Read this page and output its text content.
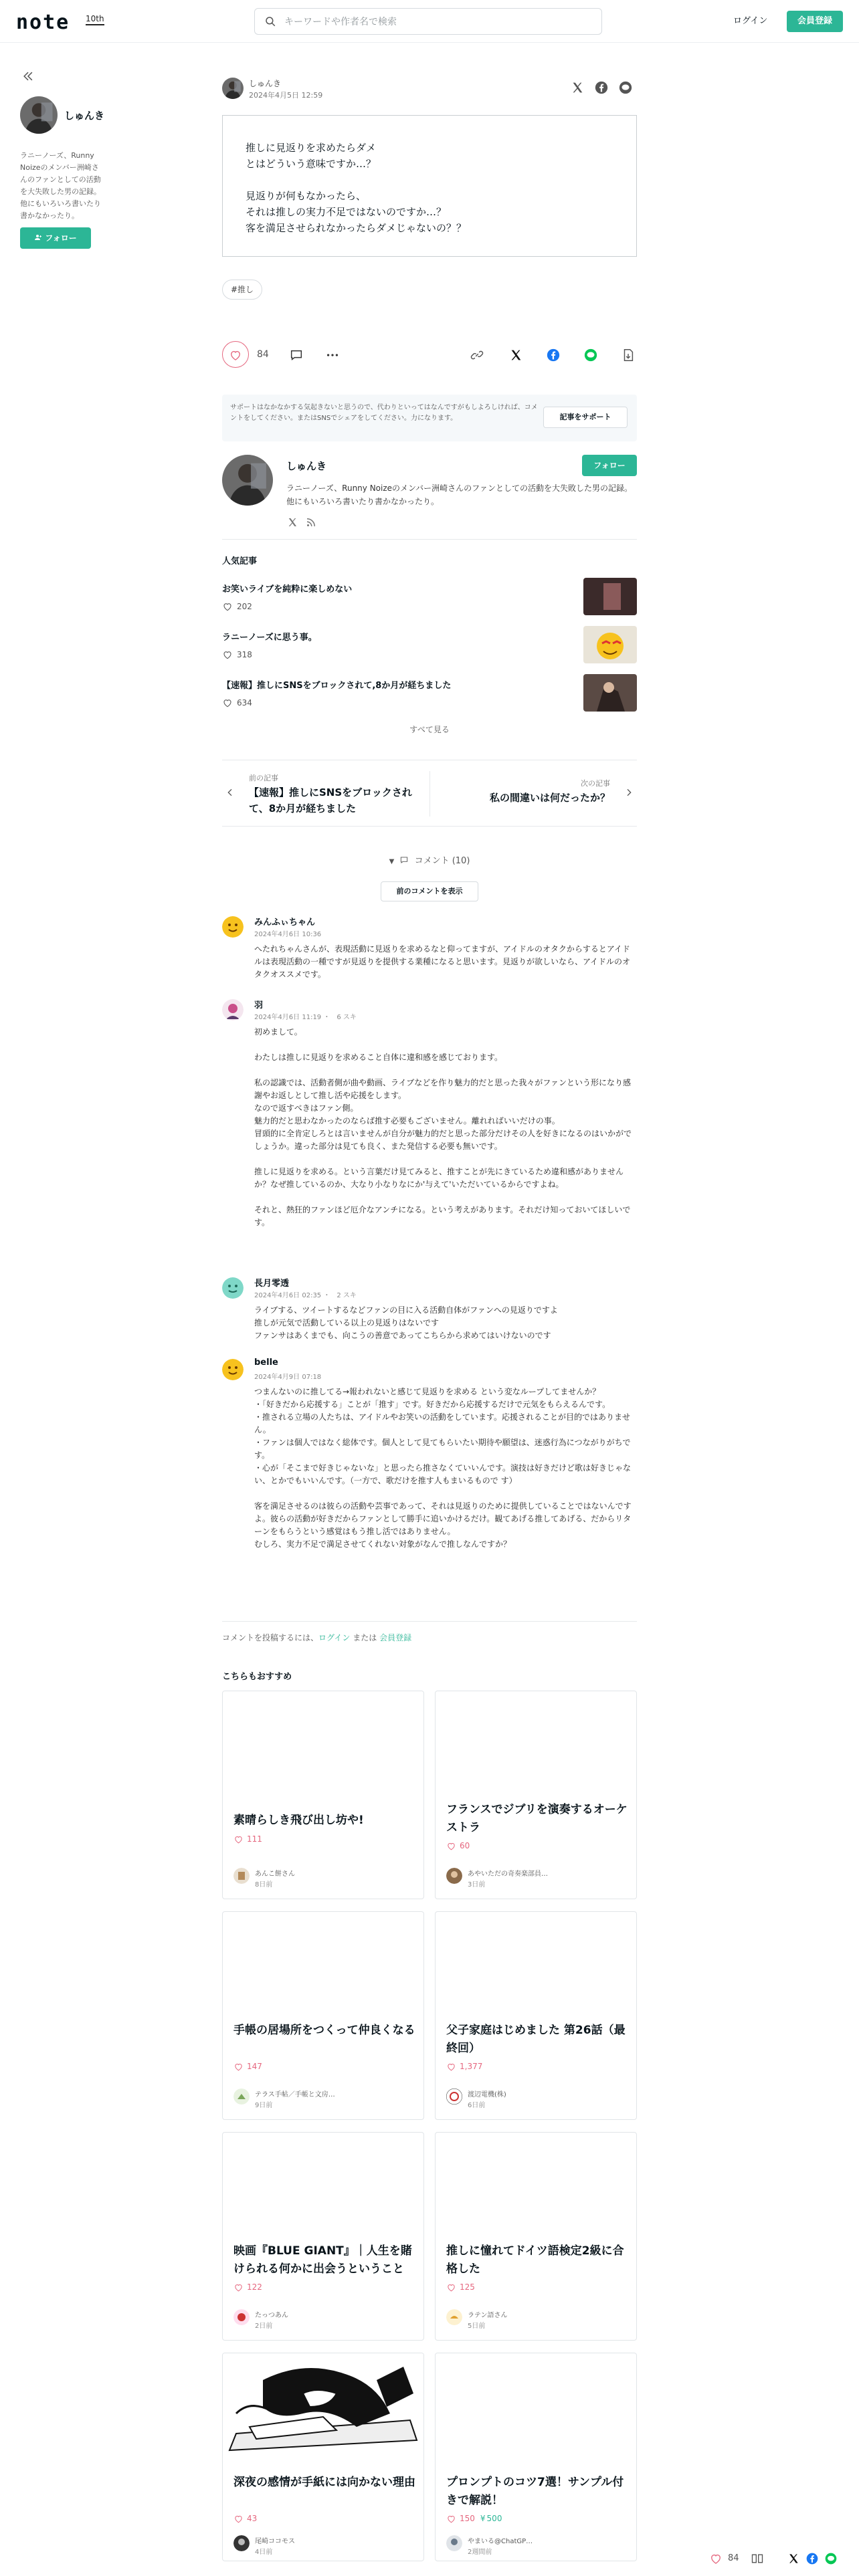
note 10th
キーワードや作者名で検索	ログイン	会員登録
しゅんき
ラニーノーズ、Runny Noizeのメンバー洲崎さんのファンとしての活動を大失敗した男の記録。 他にもいろいろ書いたり書かなかったり。
フォロー
しゅんき
2024年4月5日 12:59

推しに見返りを求めたらダメ
とはどういう意味ですか…？

見返りが何もなかったら、
それは推しの実力不足ではないのですか…？
客を満足させられなかったらダメじゃないの？？

#推し
84
サポートはなかなかする気起きないと思うので、代わりといってはなんですがもしよろしければ、コメントをしてください。またはSNSでシェアをしてください。力になります。	記事をサポート
しゅんき	フォロー
ラニーノーズ、Runny Noizeのメンバー洲崎さんのファンとしての活動を大失敗した男の記録。 他にもいろいろ書いたり書かなかったり。
人気記事
お笑いライブを純粋に楽しめない
202
ラニーノーズに思う事。
318
【速報】推しにSNSをブロックされて,8か月が経ちました
634
すべて見る
前の記事
【速報】推しにSNSをブロックされて、8か月が経ちました
次の記事
私の間違いは何だったか？
▼ コメント (10)
前のコメントを表示
みんふぃちゃん
2024年4月6日 10:36
へたれちゃんさんが、表現活動に見返りを求めるなと仰ってますが、アイドルのオタクからするとアイドルは表現活動の一種ですが見返りを提供する業種になると思います。見返りが欲しいなら、アイドルのオタクオススメです。
羽
2024年4月6日 11:19 ・　6 スキ
初めまして。

わたしは推しに見返りを求めること自体に違和感を感じております。

私の認識では、活動者側が曲や動画、ライブなどを作り魅力的だと思った我々がファンという形になり感謝やお返しとして推し活や応援をします。
なので返すべきはファン側。
魅力的だと思わなかったのならば推す必要もございません。離れればいいだけの事。
冒頭的に全肯定しろとは言いませんが自分が魅力的だと思った部分だけその人を好きになるのはいかがでしょうか。違った部分は見ても良く、また発信する必要も無いです。

推しに見返りを求める。という言葉だけ見てみると、推すことが先にきているため違和感がありませんか？なぜ推しているのか、大なり小なりなにか'与えて'いただいているからですよね。

それと、熱狂的ファンほど厄介なアンチになる。という考えがあります。それだけ知っておいてほしいです。
長月零透
2024年4月6日 02:35 ・　2 スキ
ライブする、ツイートするなどファンの目に入る活動自体がファンへの見返りですよ
推しが元気で活動している以上の見返りはないです
ファンサはあくまでも、向こうの善意であってこちらから求めてはいけないのです
belle
2024年4月9日 07:18
つまんないのに推してる→報われないと感じて見返りを求める という変なループしてませんか？
・「好きだから応援する」ことが「推す」です。好きだから応援するだけで元気をもらえるんです。
・推される立場の人たちは、アイドルやお笑いの活動をしています。応援されることが目的ではありません。
・ファンは個人ではなく総体です。個人として見てもらいたい期待や願望は、迷惑行為につながりがちです。
・心が「そこまで好きじゃないな」と思ったら推さなくていいんです。演技は好きだけど歌は好きじゃない、とかでもいいんです。（一方で、歌だけを推す人もまいるもので す）

客を満足させるのは彼らの活動や芸事であって、それは見返りのために提供していることではないんですよ。彼らの活動が好きだからファンとして勝手に追いかけるだけ。観てあげる推してあげる、だからリターンをもらうという感覚はもう推し活ではありません。
むしろ、実力不足で満足させてくれない対象がなんで推しなんですか？
コメントを投稿するには、ログイン または 会員登録
こちらもおすすめ
素晴らしき飛び出し坊や!
111
あんこ餅さん
8日前
フランスでジブリを演奏するオーケストラ
60
あやいただの奇奏楽部員…
3日前
手帳の居場所をつくって仲良くなる
147
テラス手帖／手帳と文房…
9日前
父子家庭はじめました 第26話（最終回）
1,377
渡辺電機(株)
6日前
映画『BLUE GIANT』｜人生を賭けられる何かに出会うということ
122
たっつあん
2日前
推しに憧れてドイツ語検定2級に合格した
125
ラテン語さん
5日前
深夜の感情が手紙には向かない理由
43
尾崎ココモス
4日前
プロンプトのコツ7選！サンプル付きで解説！
150 ¥ 500
やまいる@ChatGP…
2週間前
84
